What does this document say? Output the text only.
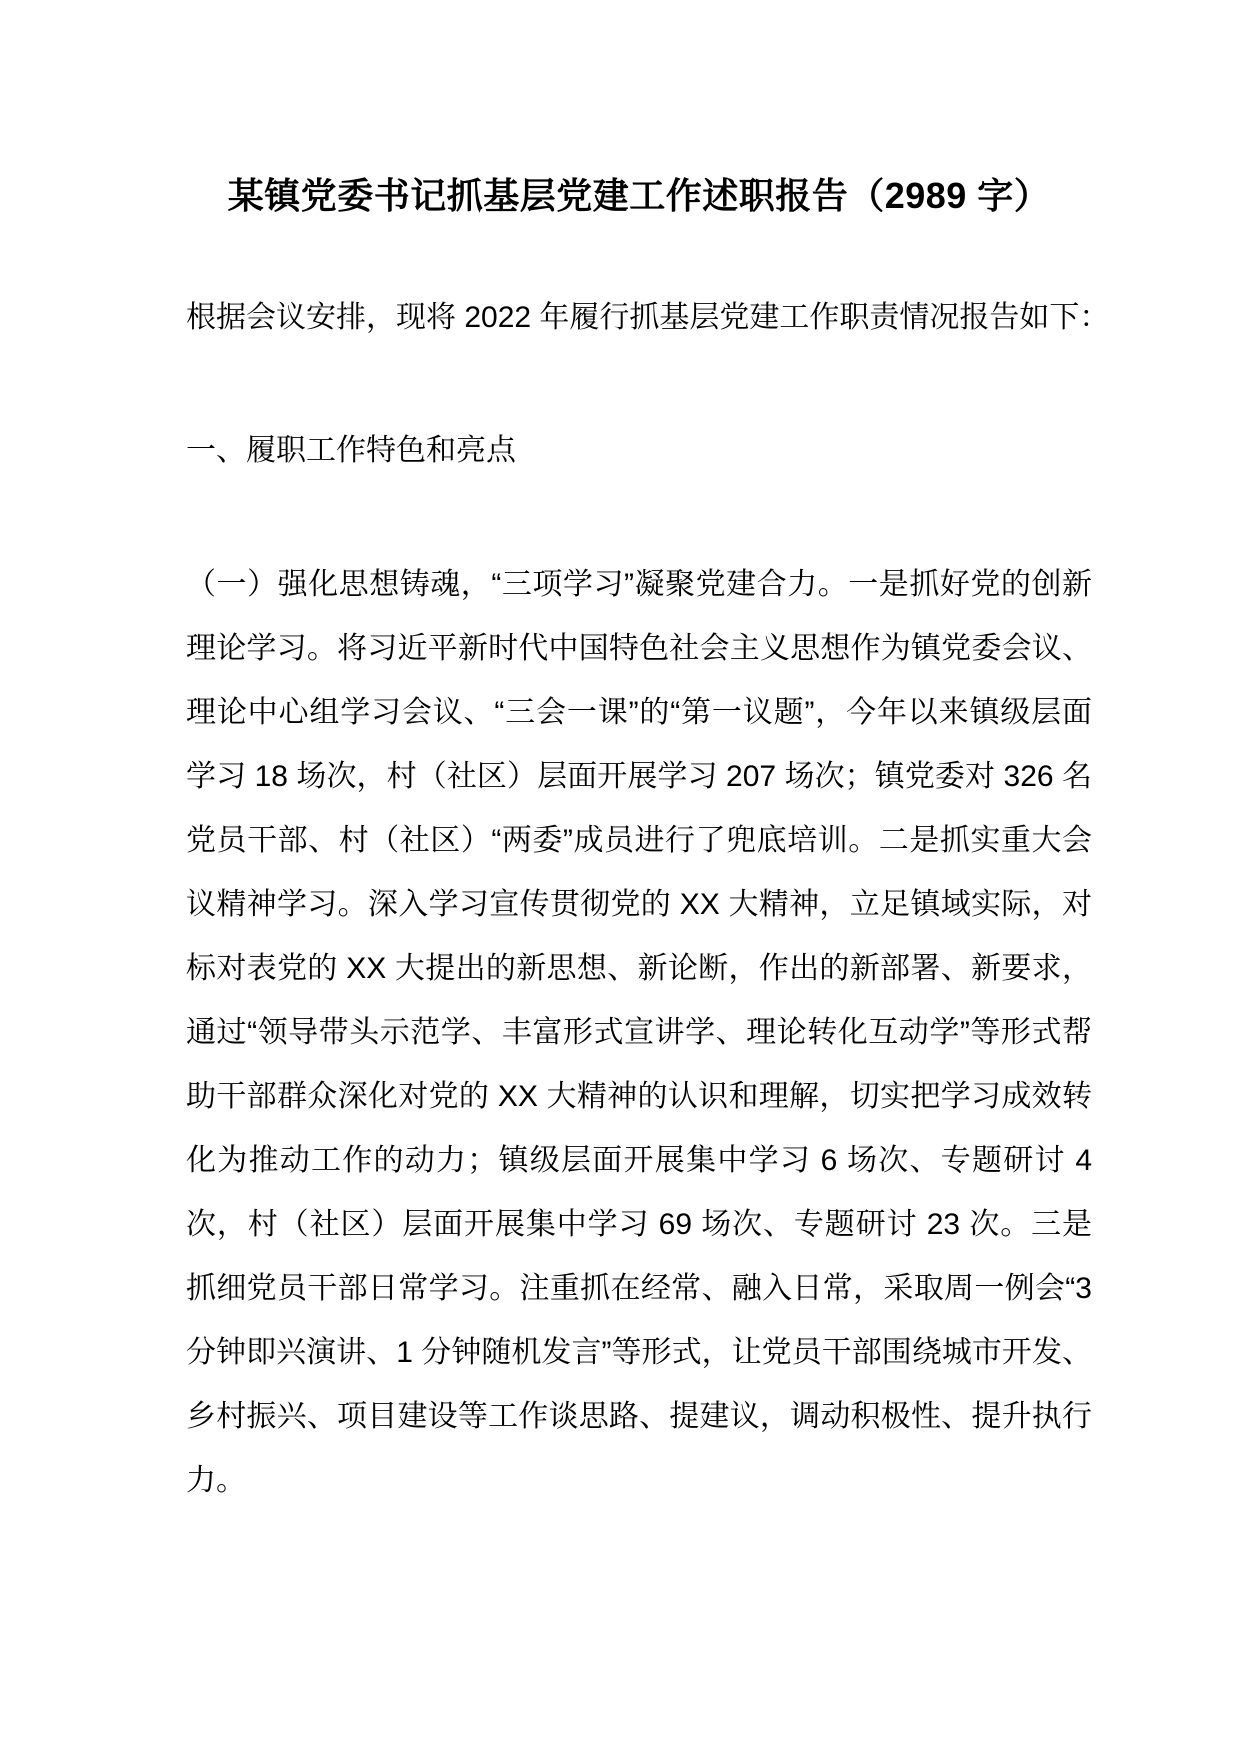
某镇党委书记抓基层党建工作述职报告（2989 字）

根据会议安排，现将 2022 年履行抓基层党建工作职责情况报告如下：

一、履职工作特色和亮点

（一）强化思想铸魂，“三项学习”凝聚党建合力。一是抓好党的创新理论学习。将习近平新时代中国特色社会主义思想作为镇党委会议、理论中心组学习会议、“三会一课”的“第一议题”，今年以来镇级层面学习 18 场次，村（社区）层面开展学习 207 场次；镇党委对 326 名党员干部、村（社区）“两委”成员进行了兜底培训。二是抓实重大会议精神学习。深入学习宣传贯彻党的 XX 大精神，立足镇域实际，对标对表党的 XX 大提出的新思想、新论断，作出的新部署、新要求，通过“领导带头示范学、丰富形式宣讲学、理论转化互动学”等形式帮助干部群众深化对党的 XX 大精神的认识和理解，切实把学习成效转化为推动工作的动力；镇级层面开展集中学习 6 场次、专题研讨 4 次，村（社区）层面开展集中学习 69 场次、专题研讨 23 次。三是抓细党员干部日常学习。注重抓在经常、融入日常，采取周一例会“3 分钟即兴演讲、1 分钟随机发言”等形式，让党员干部围绕城市开发、乡村振兴、项目建设等工作谈思路、提建议，调动积极性、提升执行力。
